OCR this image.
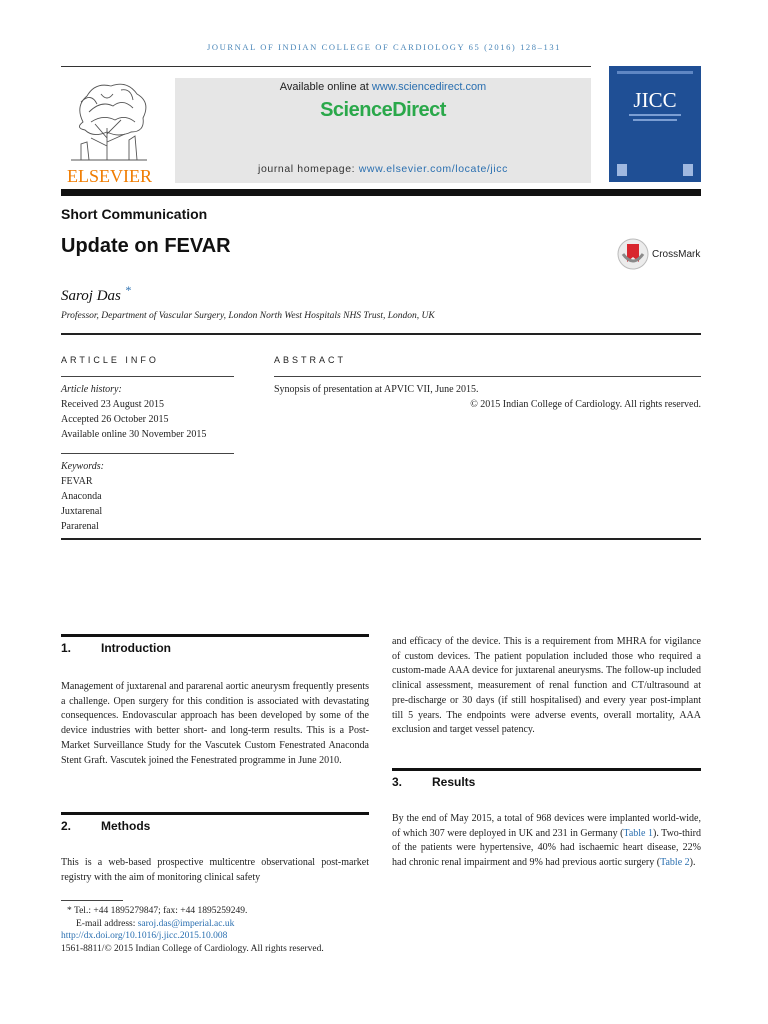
JOURNAL OF INDIAN COLLEGE OF CARDIOLOGY 65 (2016) 128–131
ELSEVIER
Available online at www.sciencedirect.com
ScienceDirect
journal homepage: www.elsevier.com/locate/jicc
JICC
Short Communication
Update on FEVAR	CrossMark
Saroj Das *
Professor, Department of Vascular Surgery, London North West Hospitals NHS Trust, London, UK
ARTICLE INFO	ABSTRACT
Article history:
Received 23 August 2015
Accepted 26 October 2015
Available online 30 November 2015
Keywords:
FEVAR
Anaconda
Juxtarenal
Pararenal
Synopsis of presentation at APVIC VII, June 2015.
© 2015 Indian College of Cardiology. All rights reserved.
1. Introduction
Management of juxtarenal and pararenal aortic aneurysm frequently presents a challenge. Open surgery for this condition is associated with devastating consequences. Endovascular approach has been developed by some of the device industries with better short- and long-term results. This is a Post-Market Surveillance Study for the Vascutek Custom Fenestrated Anaconda Stent Graft. Vascutek joined the Fenestrated programme in June 2010.
2. Methods
This is a web-based prospective multicentre observational post-market registry with the aim of monitoring clinical safety
and efficacy of the device. This is a requirement from MHRA for vigilance of custom devices. The patient population included those who required a custom-made AAA device for juxtarenal aneurysms. The follow-up included clinical assessment, measurement of renal function and CT/ultrasound at pre-discharge or 30 days (if still hospitalised) and every year post-implant till 5 years. The endpoints were adverse events, overall mortality, AAA exclusion and target vessel patency.
3. Results
By the end of May 2015, a total of 968 devices were implanted world-wide, of which 307 were deployed in UK and 231 in Germany (Table 1). Two-third of the patients were hypertensive, 40% had ischaemic heart disease, 22% had chronic renal impairment and 9% had previous aortic surgery (Table 2).
* Tel.: +44 1895279847; fax: +44 1895259249.
E-mail address: saroj.das@imperial.ac.uk
http://dx.doi.org/10.1016/j.jicc.2015.10.008
1561-8811/© 2015 Indian College of Cardiology. All rights reserved.
